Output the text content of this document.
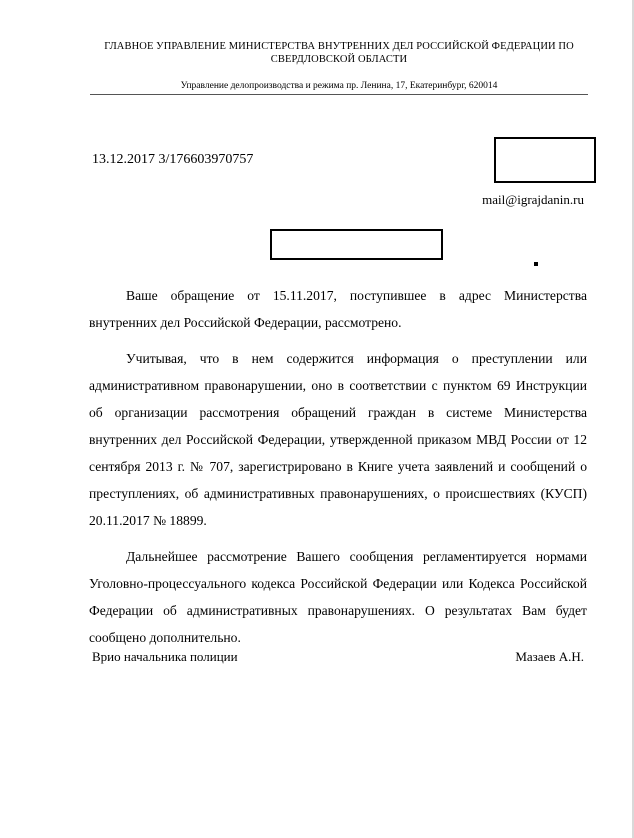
ГЛАВНОЕ УПРАВЛЕНИЕ МИНИСТЕРСТВА ВНУТРЕННИХ ДЕЛ РОССИЙСКОЙ ФЕДЕРАЦИИ ПО СВЕРДЛОВСКОЙ ОБЛАСТИ
Управление делопроизводства и режима пр. Ленина, 17, Екатеринбург, 620014
13.12.2017 3/176603970757
mail@igrajdanin.ru

Ваше обращение от 15.11.2017, поступившее в адрес Министерства внутренних дел Российской Федерации, рассмотрено.

Учитывая, что в нем содержится информация о преступлении или административном правонарушении, оно в соответствии с пунктом 69 Инструкции об организации рассмотрения обращений граждан в системе Министерства внутренних дел Российской Федерации, утвержденной приказом МВД России от 12 сентября 2013 г. № 707, зарегистрировано в Книге учета заявлений и сообщений о преступлениях, об административных правонарушениях, о происшествиях (КУСП) 20.11.2017 № 18899.

Дальнейшее рассмотрение Вашего сообщения регламентируется нормами Уголовно-процессуального кодекса Российской Федерации или Кодекса Российской Федерации об административных правонарушениях. О результатах Вам будет сообщено дополнительно.

Врио начальника полиции	Мазаев А.Н.
